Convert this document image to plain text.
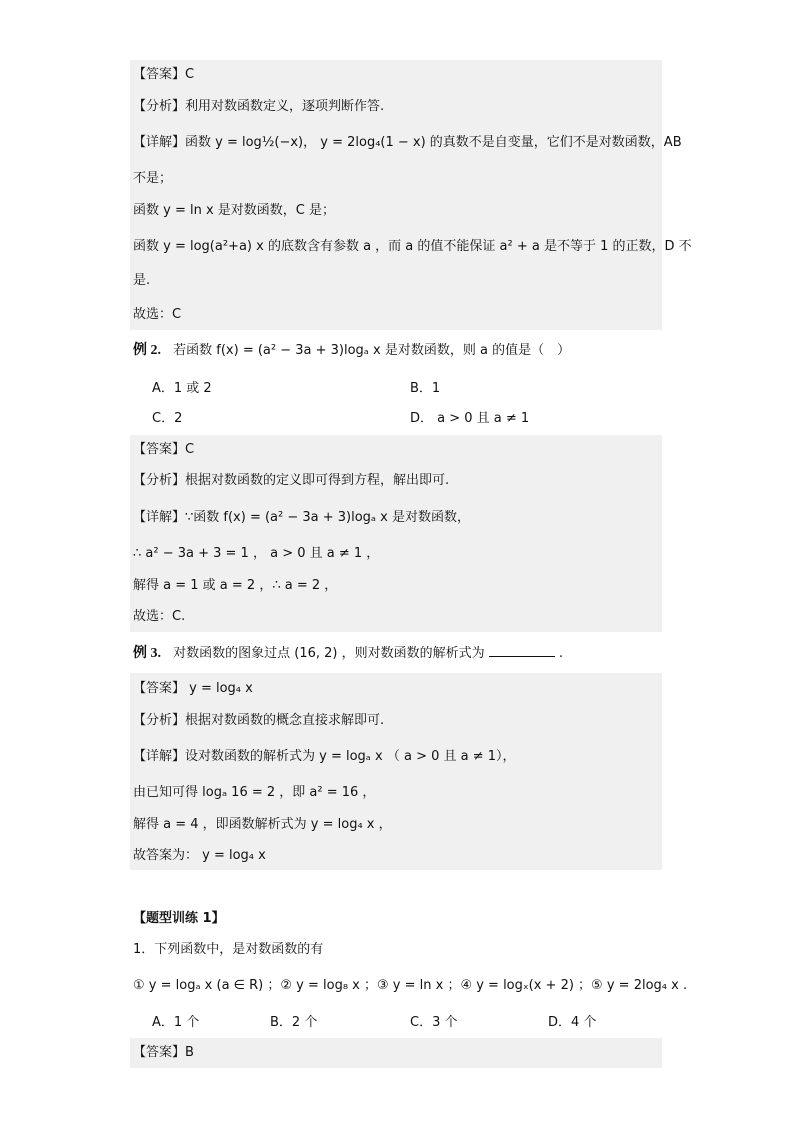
【答案】C
【分析】利用对数函数定义，逐项判断作答.
【详解】函数 y = log½(−x)， y = 2log₄(1 − x) 的真数不是自变量，它们不是对数函数，AB
不是；
函数 y = ln x 是对数函数，C 是；
函数 y = log(a²+a) x 的底数含有参数 a ，而 a 的值不能保证 a² + a 是不等于 1 的正数，D 不
是.
故选：C
例 2. 若函数 f(x) = (a² − 3a + 3)logₐ x 是对数函数，则 a 的值是（　）
A．1 或 2	B．1
C．2	D． a > 0 且 a ≠ 1
【答案】C
【分析】根据对数函数的定义即可得到方程，解出即可.
【详解】∵函数 f(x) = (a² − 3a + 3)logₐ x 是对数函数，
∴ a² − 3a + 3 = 1 ， a > 0 且 a ≠ 1 ，
解得 a = 1 或 a = 2 ，∴ a = 2 ，
故选：C.
例 3. 对数函数的图象过点 (16, 2) ，则对数函数的解析式为	.
【答案】 y = log₄ x
【分析】根据对数函数的概念直接求解即可.
【详解】设对数函数的解析式为 y = logₐ x （ a > 0 且 a ≠ 1），
由已知可得 logₐ 16 = 2 ，即 a² = 16 ，
解得 a = 4 ，即函数解析式为 y = log₄ x ，
故答案为： y = log₄ x
【题型训练 1】
1．下列函数中，是对数函数的有
① y = logₐ x (a ∈ R) ；② y = log₈ x ；③ y = ln x ；④ y = logₓ(x + 2) ；⑤ y = 2log₄ x .
A．1 个	B．2 个	C．3 个	D．4 个
【答案】B
